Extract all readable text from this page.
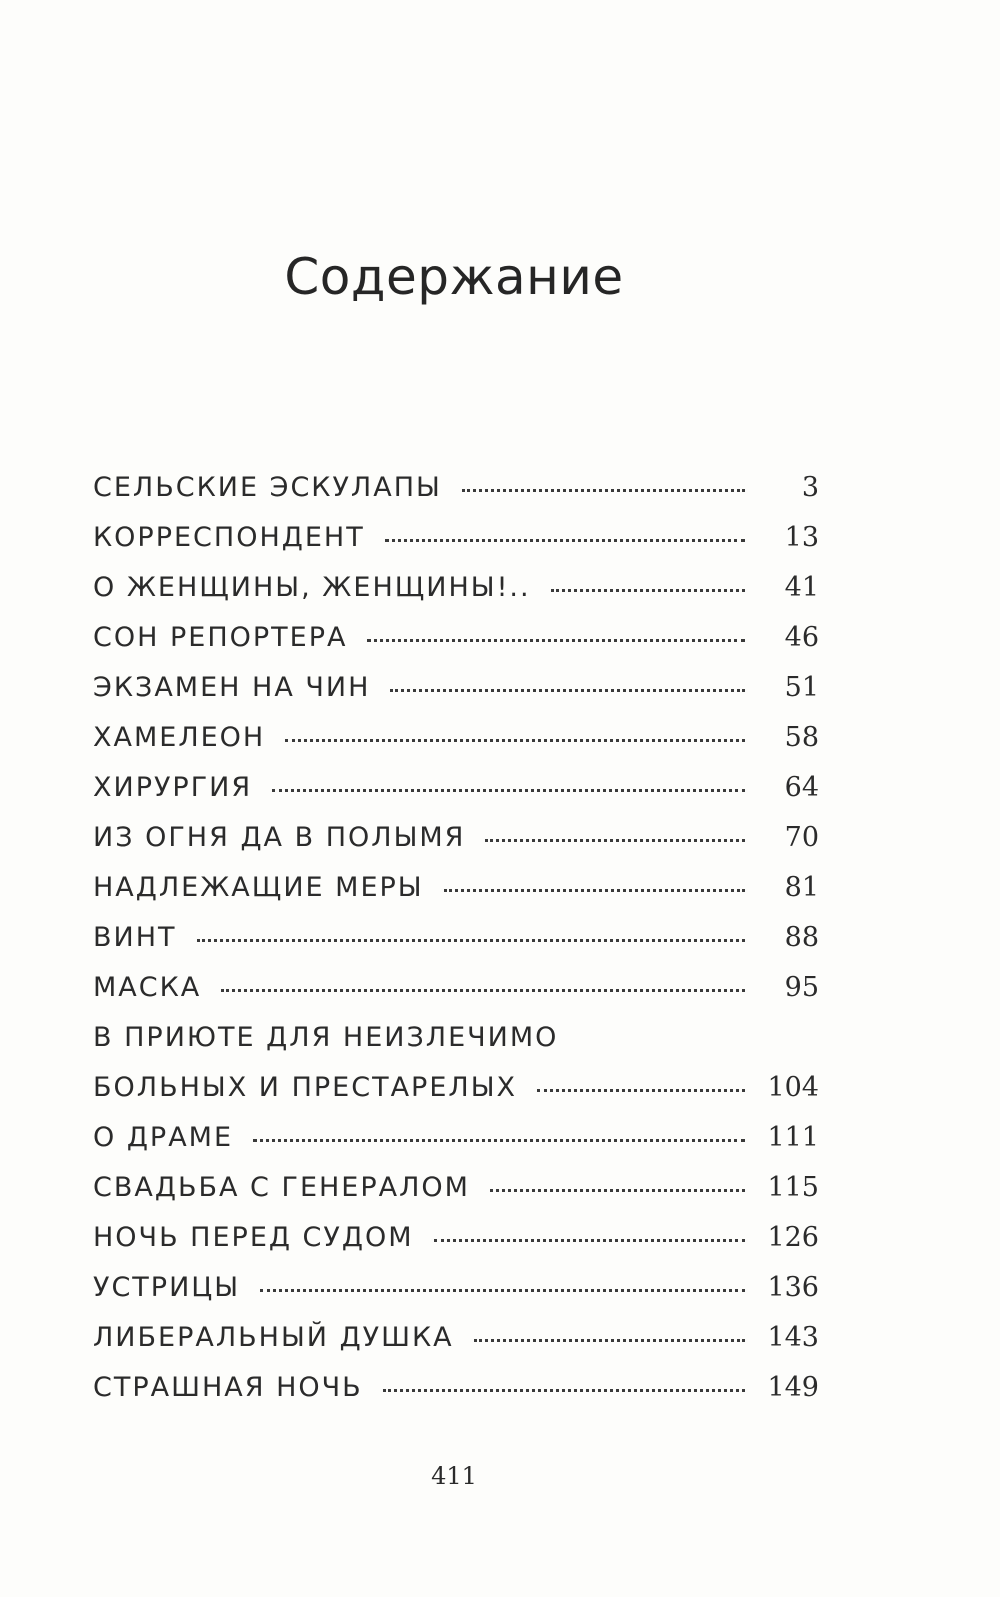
Содержание
СЕЛЬСКИЕ ЭСКУЛАПЫ	3
КОРРЕСПОНДЕНТ	13
О ЖЕНЩИНЫ, ЖЕНЩИНЫ!..	41
СОН РЕПОРТЕРА	46
ЭКЗАМЕН НА ЧИН	51
ХАМЕЛЕОН	58
ХИРУРГИЯ	64
ИЗ ОГНЯ ДА В ПОЛЫМЯ	70
НАДЛЕЖАЩИЕ МЕРЫ	81
ВИНТ	88
МАСКА	95
В ПРИЮТЕ ДЛЯ НЕИЗЛЕЧИМО
БОЛЬНЫХ И ПРЕСТАРЕЛЫХ	104
О ДРАМЕ	111
СВАДЬБА С ГЕНЕРАЛОМ	115
НОЧЬ ПЕРЕД СУДОМ	126
УСТРИЦЫ	136
ЛИБЕРАЛЬНЫЙ ДУШКА	143
СТРАШНАЯ НОЧЬ	149
411
